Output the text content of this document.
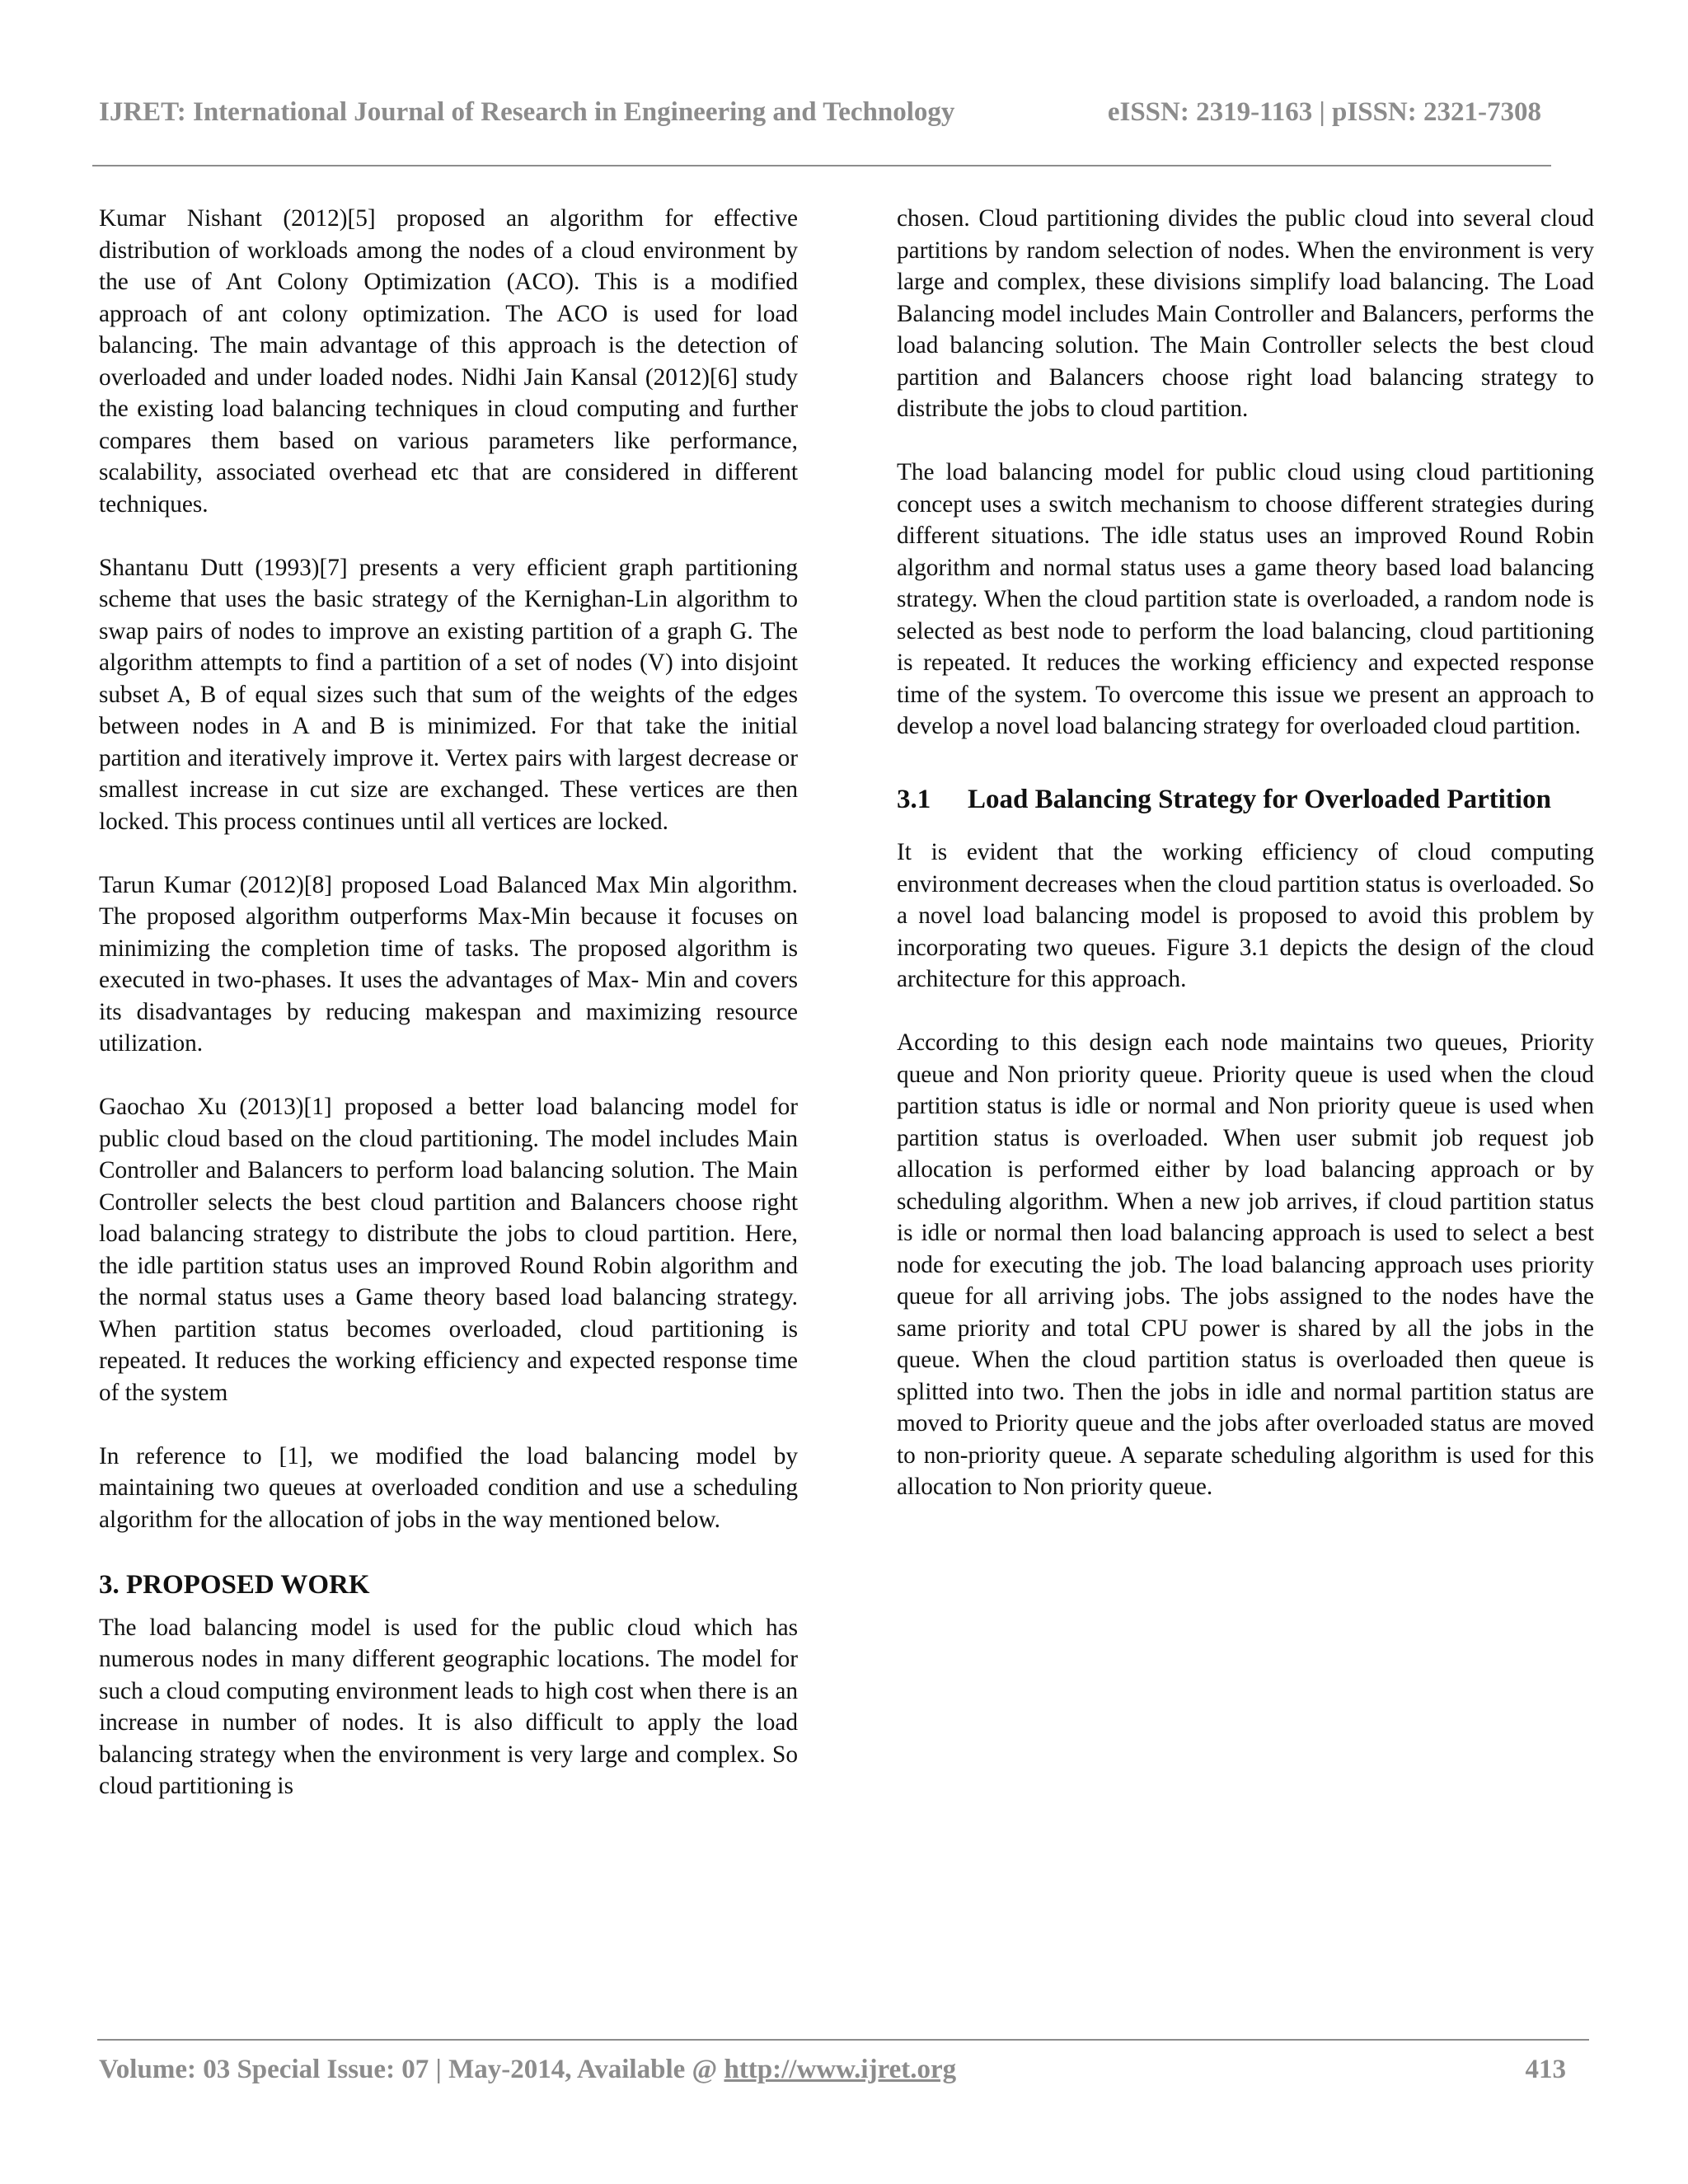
IJRET: International Journal of Research in Engineering and Technology	eISSN: 2319-1163 | pISSN: 2321-7308

Kumar Nishant (2012)[5] proposed an algorithm for effective distribution of workloads among the nodes of a cloud environment by the use of Ant Colony Optimization (ACO). This is a modified approach of ant colony optimization. The ACO is used for load balancing. The main advantage of this approach is the detection of overloaded and under loaded nodes. Nidhi Jain Kansal (2012)[6] study the existing load balancing techniques in cloud computing and further compares them based on various parameters like performance, scalability, associated overhead etc that are considered in different techniques.

Shantanu Dutt (1993)[7] presents a very efficient graph partitioning scheme that uses the basic strategy of the Kernighan-Lin algorithm to swap pairs of nodes to improve an existing partition of a graph G. The algorithm attempts to find a partition of a set of nodes (V) into disjoint subset A, B of equal sizes such that sum of the weights of the edges between nodes in A and B is minimized. For that take the initial partition and iteratively improve it. Vertex pairs with largest decrease or smallest increase in cut size are exchanged. These vertices are then locked. This process continues until all vertices are locked.

Tarun Kumar (2012)[8] proposed Load Balanced Max Min algorithm. The proposed algorithm outperforms Max-Min because it focuses on minimizing the completion time of tasks. The proposed algorithm is executed in two-phases. It uses the advantages of Max- Min and covers its disadvantages by reducing makespan and maximizing resource utilization.

Gaochao Xu (2013)[1] proposed a better load balancing model for public cloud based on the cloud partitioning. The model includes Main Controller and Balancers to perform load balancing solution. The Main Controller selects the best cloud partition and Balancers choose right load balancing strategy to distribute the jobs to cloud partition. Here, the idle partition status uses an improved Round Robin algorithm and the normal status uses a Game theory based load balancing strategy. When partition status becomes overloaded, cloud partitioning is repeated. It reduces the working efficiency and expected response time of the system

In reference to [1], we modified the load balancing model by maintaining two queues at overloaded condition and use a scheduling algorithm for the allocation of jobs in the way mentioned below.

3. PROPOSED WORK

The load balancing model is used for the public cloud which has numerous nodes in many different geographic locations. The model for such a cloud computing environment leads to high cost when there is an increase in number of nodes. It is also difficult to apply the load balancing strategy when the environment is very large and complex. So cloud partitioning is

chosen. Cloud partitioning divides the public cloud into several cloud partitions by random selection of nodes. When the environment is very large and complex, these divisions simplify load balancing. The Load Balancing model includes Main Controller and Balancers, performs the load balancing solution. The Main Controller selects the best cloud partition and Balancers choose right load balancing strategy to distribute the jobs to cloud partition.

The load balancing model for public cloud using cloud partitioning concept uses a switch mechanism to choose different strategies during different situations. The idle status uses an improved Round Robin algorithm and normal status uses a game theory based load balancing strategy. When the cloud partition state is overloaded, a random node is selected as best node to perform the load balancing, cloud partitioning is repeated. It reduces the working efficiency and expected response time of the system. To overcome this issue we present an approach to develop a novel load balancing strategy for overloaded cloud partition.

3.1 Load Balancing Strategy for Overloaded Partition

It is evident that the working efficiency of cloud computing environment decreases when the cloud partition status is overloaded. So a novel load balancing model is proposed to avoid this problem by incorporating two queues. Figure 3.1 depicts the design of the cloud architecture for this approach.

According to this design each node maintains two queues, Priority queue and Non priority queue. Priority queue is used when the cloud partition status is idle or normal and Non priority queue is used when partition status is overloaded. When user submit job request job allocation is performed either by load balancing approach or by scheduling algorithm. When a new job arrives, if cloud partition status is idle or normal then load balancing approach is used to select a best node for executing the job. The load balancing approach uses priority queue for all arriving jobs. The jobs assigned to the nodes have the same priority and total CPU power is shared by all the jobs in the queue. When the cloud partition status is overloaded then queue is splitted into two. Then the jobs in idle and normal partition status are moved to Priority queue and the jobs after overloaded status are moved to non-priority queue. A separate scheduling algorithm is used for this allocation to Non priority queue.

Volume: 03 Special Issue: 07 | May-2014, Available @ http://www.ijret.org	413
